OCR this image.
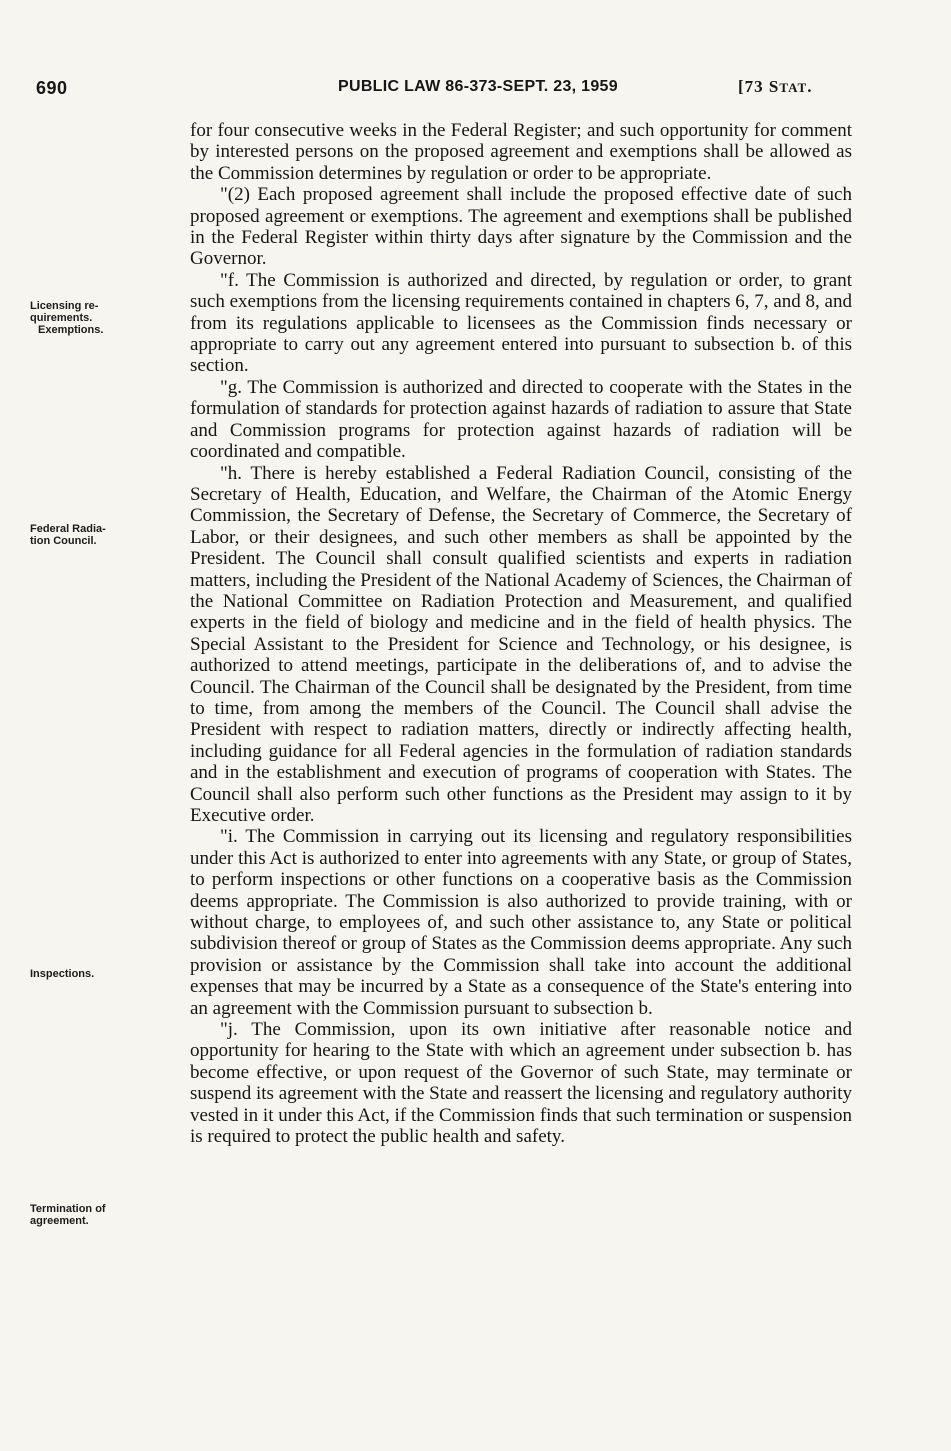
690	PUBLIC LAW 86-373-SEPT. 23, 1959	[73 STAT.
Licensing re-
quirements.
Exemptions.
Federal Radia-
tion Council.
Inspections.
Termination of
agreement.

for four consecutive weeks in the Federal Register; and such opportunity for comment by interested persons on the proposed agreement and exemptions shall be allowed as the Commission determines by regulation or order to be appropriate.

"(2) Each proposed agreement shall include the proposed effective date of such proposed agreement or exemptions. The agreement and exemptions shall be published in the Federal Register within thirty days after signature by the Commission and the Governor.

"f. The Commission is authorized and directed, by regulation or order, to grant such exemptions from the licensing requirements contained in chapters 6, 7, and 8, and from its regulations applicable to licensees as the Commission finds necessary or appropriate to carry out any agreement entered into pursuant to subsection b. of this section.

"g. The Commission is authorized and directed to cooperate with the States in the formulation of standards for protection against hazards of radiation to assure that State and Commission programs for protection against hazards of radiation will be coordinated and compatible.

"h. There is hereby established a Federal Radiation Council, consisting of the Secretary of Health, Education, and Welfare, the Chairman of the Atomic Energy Commission, the Secretary of Defense, the Secretary of Commerce, the Secretary of Labor, or their designees, and such other members as shall be appointed by the President. The Council shall consult qualified scientists and experts in radiation matters, including the President of the National Academy of Sciences, the Chairman of the National Committee on Radiation Protection and Measurement, and qualified experts in the field of biology and medicine and in the field of health physics. The Special Assistant to the President for Science and Technology, or his designee, is authorized to attend meetings, participate in the deliberations of, and to advise the Council. The Chairman of the Council shall be designated by the President, from time to time, from among the members of the Council. The Council shall advise the President with respect to radiation matters, directly or indirectly affecting health, including guidance for all Federal agencies in the formulation of radiation standards and in the establishment and execution of programs of cooperation with States. The Council shall also perform such other functions as the President may assign to it by Executive order.

"i. The Commission in carrying out its licensing and regulatory responsibilities under this Act is authorized to enter into agreements with any State, or group of States, to perform inspections or other functions on a cooperative basis as the Commission deems appropriate. The Commission is also authorized to provide training, with or without charge, to employees of, and such other assistance to, any State or political subdivision thereof or group of States as the Commission deems appropriate. Any such provision or assistance by the Commission shall take into account the additional expenses that may be incurred by a State as a consequence of the State's entering into an agreement with the Commission pursuant to subsection b.

"j. The Commission, upon its own initiative after reasonable notice and opportunity for hearing to the State with which an agreement under subsection b. has become effective, or upon request of the Governor of such State, may terminate or suspend its agreement with the State and reassert the licensing and regulatory authority vested in it under this Act, if the Commission finds that such termination or suspension is required to protect the public health and safety.
